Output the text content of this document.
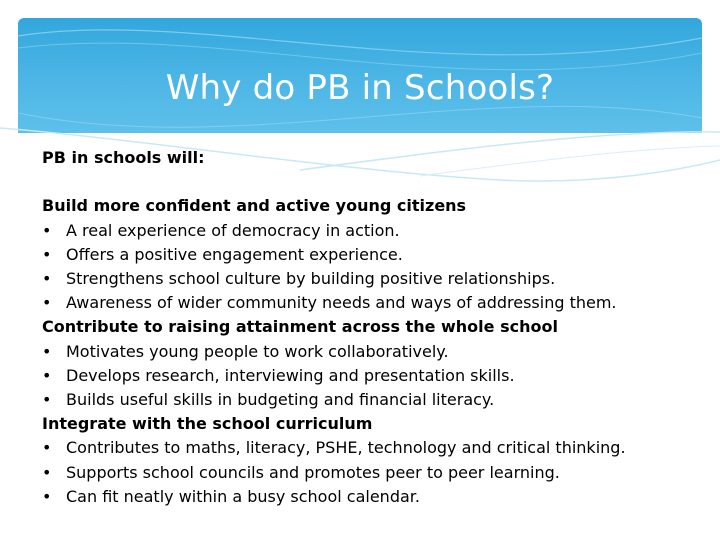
Why do PB in Schools?
PB in schools will:
Build more confident and active young citizens
• A real experience of democracy in action.
• Offers a positive engagement experience.
• Strengthens school culture by building positive relationships.
• Awareness of wider community needs and ways of addressing them.
Contribute to raising attainment across the whole school
• Motivates young people to work collaboratively.
• Develops research, interviewing and presentation skills.
• Builds useful skills in budgeting and financial literacy.
Integrate with the school curriculum
• Contributes to maths, literacy, PSHE, technology and critical thinking.
• Supports school councils and promotes peer to peer learning.
• Can fit neatly within a busy school calendar.
